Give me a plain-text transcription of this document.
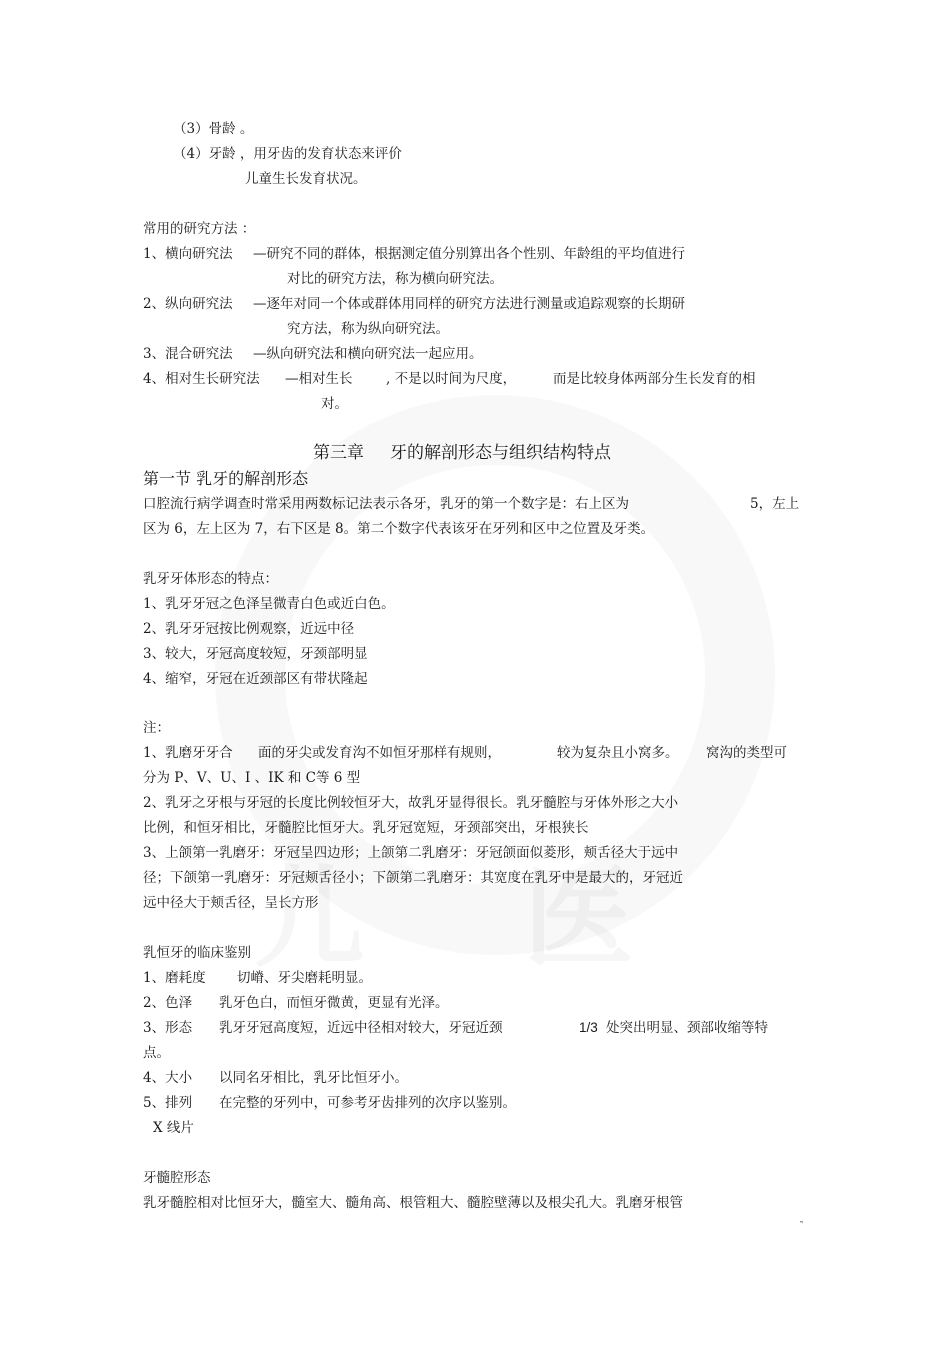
（3）骨龄 。
（4）牙龄 ，用牙齿的发育状态来评价
儿童生长发育状况。
常用的研究方法 ：
1、横向研究法 —研究不同的群体，根据测定值分别算出各个性别、年龄组的平均值进行
对比的研究方法，称为横向研究法。
2、纵向研究法 —逐年对同一个体或群体用同样的研究方法进行测量或追踪观察的长期研
究方法，称为纵向研究法。
3、混合研究法 —纵向研究法和横向研究法一起应用。
4、相对生长研究法 —相对生长 , 不是以时间为尺度，	而是比较身体两部分生长发育的相
对。
第三章 牙的解剖形态与组织结构特点
第一节 乳牙的解剖形态
口腔流行病学调查时常采用两数标记法表示各牙，乳牙的第一个数字是：右上区为	5，左上
区为 6，左上区为 7，右下区是 8。第二个数字代表该牙在牙列和区中之位置及牙类。
乳牙牙体形态的特点：
1、乳牙牙冠之色泽呈微青白色或近白色。
2、乳牙牙冠按比例观察，近远中径
3、较大，牙冠高度较短，牙颈部明显
4、缩窄，牙冠在近颈部区有带状隆起
注：
1、乳磨牙牙合 面的牙尖或发育沟不如恒牙那样有规则，	较为复杂且小窝多。 窝沟的类型可
分为 P、V、U、I 、IK 和 C等 6 型
2、乳牙之牙根与牙冠的长度比例较恒牙大，故乳牙显得很长。乳牙髓腔与牙体外形之大小
比例，和恒牙相比，牙髓腔比恒牙大。乳牙冠宽短，牙颈部突出，牙根狭长
3、上颌第一乳磨牙：牙冠呈四边形；上颌第二乳磨牙：牙冠颌面似菱形，颊舌径大于远中
径；下颌第一乳磨牙：牙冠颊舌径小；下颌第二乳磨牙：其宽度在乳牙中是最大的，牙冠近
远中径大于颊舌径，呈长方形
乳恒牙的临床鉴别
1、磨耗度 切嵴、牙尖磨耗明显。
2、色泽 乳牙色白，而恒牙微黄，更显有光泽。
3、形态 乳牙牙冠高度短，近远中径相对较大，牙冠近颈	1/3 处突出明显、颈部收缩等特
点。
4、大小 以同名牙相比，乳牙比恒牙小。
5、排列 在完整的牙列中，可参考牙齿排列的次序以鉴别。
X 线片
牙髓腔形态
乳牙髓腔相对比恒牙大，髓室大、髓角高、根管粗大、髓腔壁薄以及根尖孔大。乳磨牙根管
˜
